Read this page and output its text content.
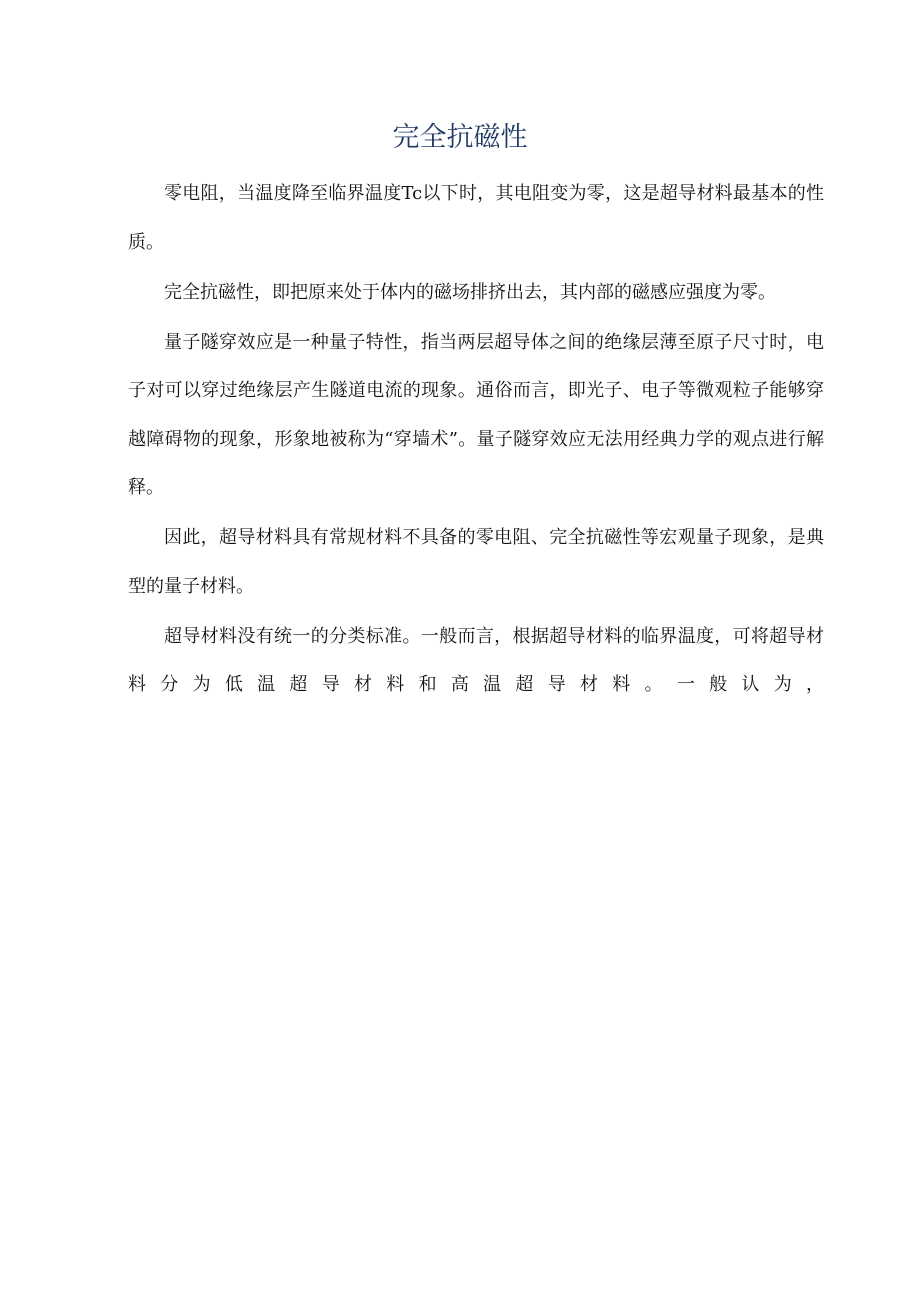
完全抗磁性

零电阻，当温度降至临界温度Tc以下时，其电阻变为零，这是超导材料最基本的性质。

完全抗磁性，即把原来处于体内的磁场排挤出去，其内部的磁感应强度为零。

量子隧穿效应是一种量子特性，指当两层超导体之间的绝缘层薄至原子尺寸时，电子对可以穿过绝缘层产生隧道电流的现象。通俗而言，即光子、电子等微观粒子能够穿越障碍物的现象，形象地被称为“穿墙术”。量子隧穿效应无法用经典力学的观点进行解释。

因此，超导材料具有常规材料不具备的零电阻、完全抗磁性等宏观量子现象，是典型的量子材料。

超导材料没有统一的分类标准。一般而言，根据超导材料的临界温度，可将超导材料分为低温超导材料和高温超导材料。一般认为，
